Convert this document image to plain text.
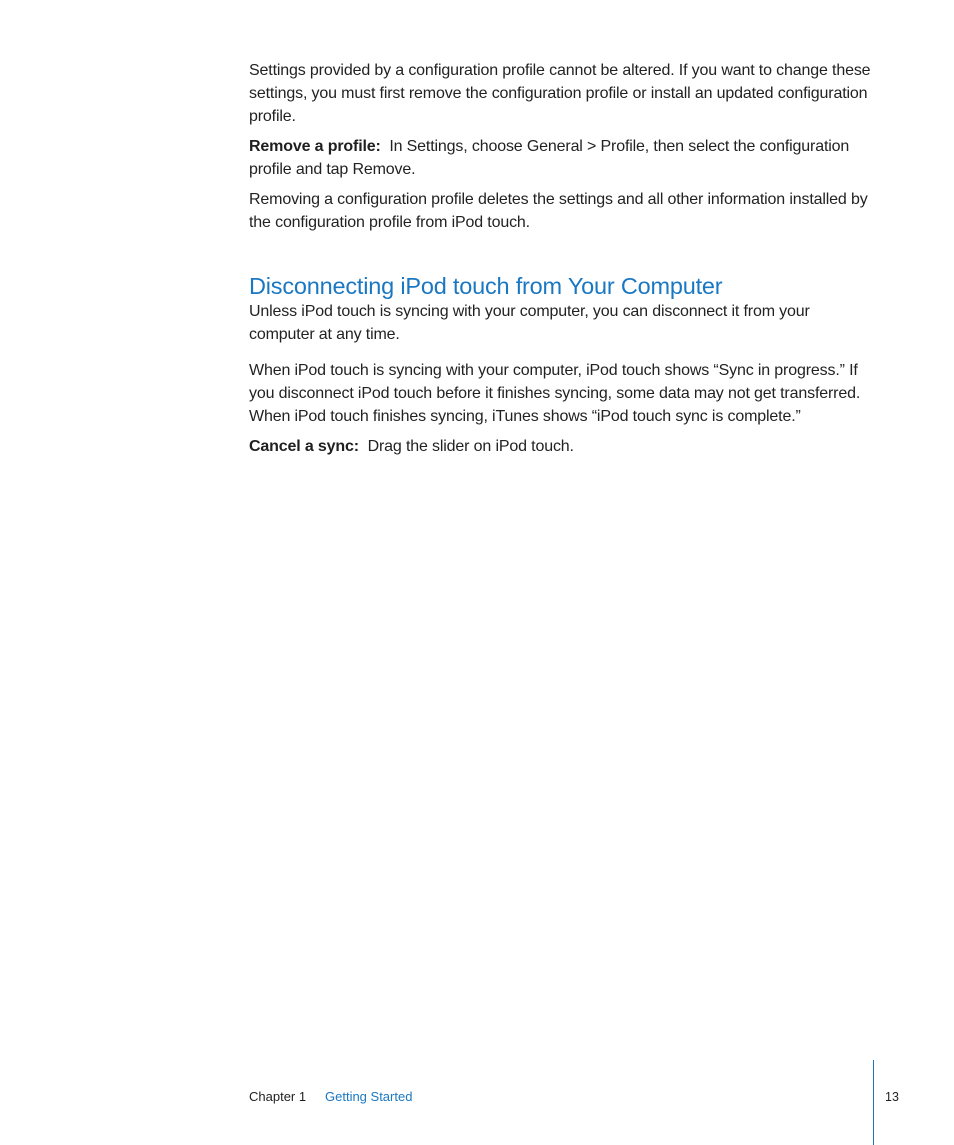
Settings provided by a configuration profile cannot be altered. If you want to change these settings, you must first remove the configuration profile or install an updated configuration profile.

Remove a profile: In Settings, choose General > Profile, then select the configuration profile and tap Remove.

Removing a configuration profile deletes the settings and all other information installed by the configuration profile from iPod touch.

Disconnecting iPod touch from Your Computer

Unless iPod touch is syncing with your computer, you can disconnect it from your computer at any time.

When iPod touch is syncing with your computer, iPod touch shows “Sync in progress.” If you disconnect iPod touch before it finishes syncing, some data may not get transferred. When iPod touch finishes syncing, iTunes shows “iPod touch sync is complete.”

Cancel a sync: Drag the slider on iPod touch.

Chapter 1 Getting Started	13
